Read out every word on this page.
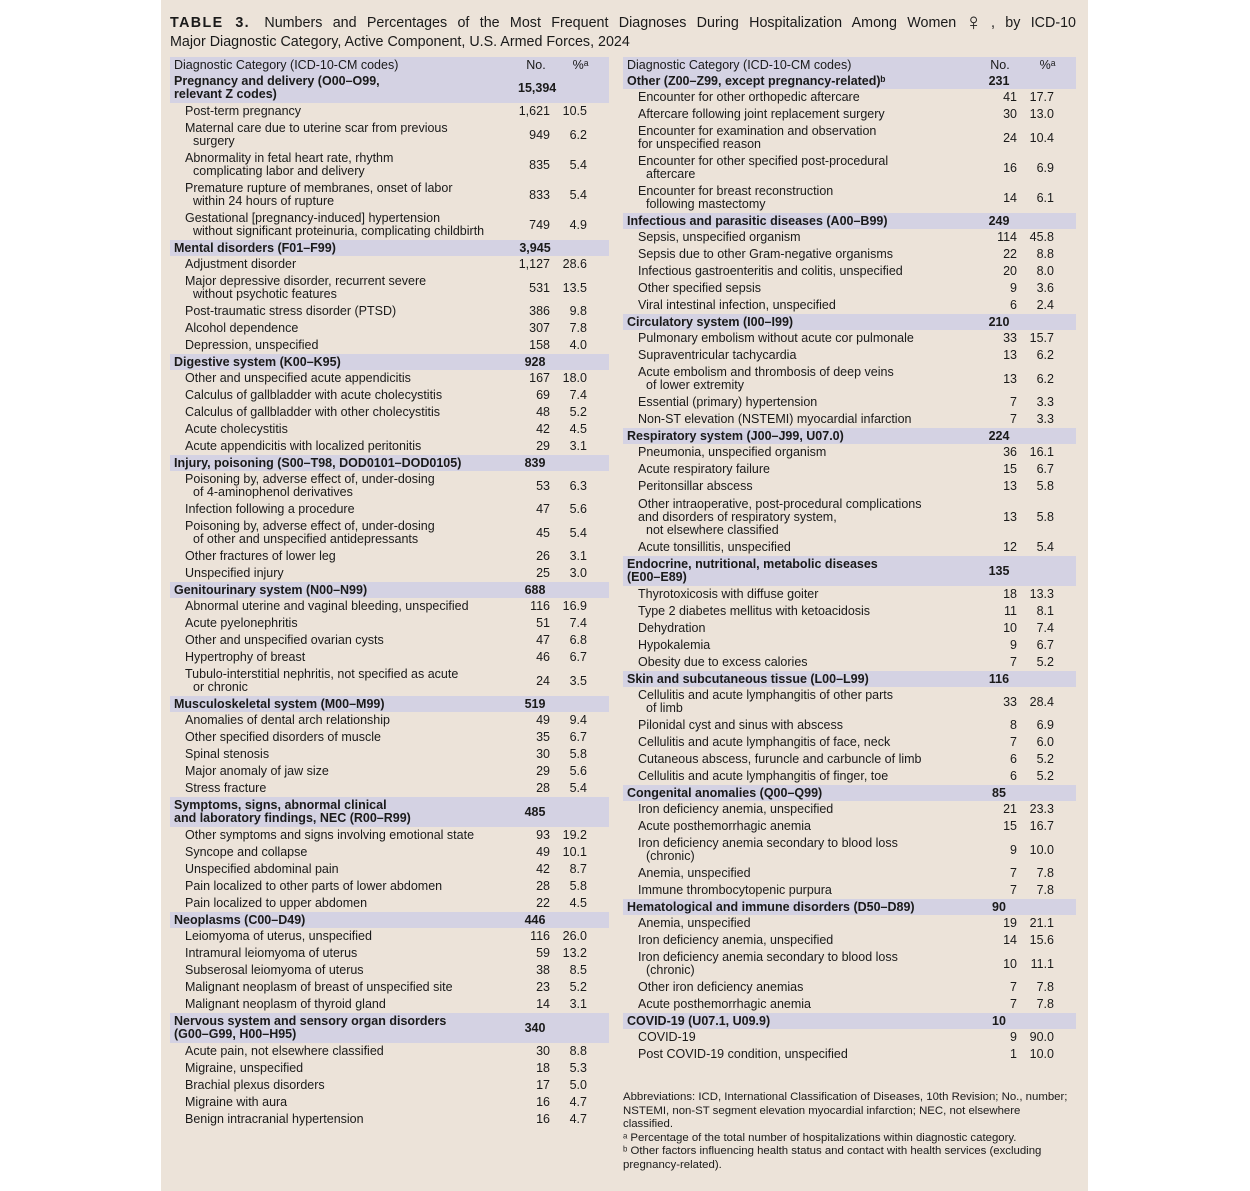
TABLE 3. Numbers and Percentages of the Most Frequent Diagnoses During Hospitalization Among Women♀ , by ICD-10
Major Diagnostic Category, Active Component, U.S. Armed Forces, 2024
Diagnostic Category (ICD-10-CM codes)	No.	%ᵃ
Pregnancy and delivery (O00–O99,
relevant Z codes)	15,394	
Post-term pregnancy	1,621	10.5
Maternal care due to uterine scar from previous
surgery	949	6.2
Abnormality in fetal heart rate, rhythm
complicating labor and delivery	835	5.4
Premature rupture of membranes, onset of labor
within 24 hours of rupture	833	5.4
Gestational [pregnancy-induced] hypertension
without significant proteinuria, complicating childbirth	749	4.9
Mental disorders (F01–F99)	3,945	
Adjustment disorder	1,127	28.6
Major depressive disorder, recurrent severe
without psychotic features	531	13.5
Post-traumatic stress disorder (PTSD)	386	9.8
Alcohol dependence	307	7.8
Depression, unspecified	158	4.0
Digestive system (K00–K95)	928	
Other and unspecified acute appendicitis	167	18.0
Calculus of gallbladder with acute cholecystitis	69	7.4
Calculus of gallbladder with other cholecystitis	48	5.2
Acute cholecystitis	42	4.5
Acute appendicitis with localized peritonitis	29	3.1
Injury, poisoning (S00–T98, DOD0101–DOD0105)	839	
Poisoning by, adverse effect of, under-dosing
of 4-aminophenol derivatives	53	6.3
Infection following a procedure	47	5.6
Poisoning by, adverse effect of, under-dosing
of other and unspecified antidepressants	45	5.4
Other fractures of lower leg	26	3.1
Unspecified injury	25	3.0
Genitourinary system (N00–N99)	688	
Abnormal uterine and vaginal bleeding, unspecified	116	16.9
Acute pyelonephritis	51	7.4
Other and unspecified ovarian cysts	47	6.8
Hypertrophy of breast	46	6.7
Tubulo-interstitial nephritis, not specified as acute
or chronic	24	3.5
Musculoskeletal system (M00–M99)	519	
Anomalies of dental arch relationship	49	9.4
Other specified disorders of muscle	35	6.7
Spinal stenosis	30	5.8
Major anomaly of jaw size	29	5.6
Stress fracture	28	5.4
Symptoms, signs, abnormal clinical
and laboratory findings, NEC (R00–R99)	485	
Other symptoms and signs involving emotional state	93	19.2
Syncope and collapse	49	10.1
Unspecified abdominal pain	42	8.7
Pain localized to other parts of lower abdomen	28	5.8
Pain localized to upper abdomen	22	4.5
Neoplasms (C00–D49)	446	
Leiomyoma of uterus, unspecified	116	26.0
Intramural leiomyoma of uterus	59	13.2
Subserosal leiomyoma of uterus	38	8.5
Malignant neoplasm of breast of unspecified site	23	5.2
Malignant neoplasm of thyroid gland	14	3.1
Nervous system and sensory organ disorders
(G00–G99, H00–H95)	340	
Acute pain, not elsewhere classified	30	8.8
Migraine, unspecified	18	5.3
Brachial plexus disorders	17	5.0
Migraine with aura	16	4.7
Benign intracranial hypertension	16	4.7
Diagnostic Category (ICD-10-CM codes)	No.	%ᵃ
Other (Z00–Z99, except pregnancy-related)ᵇ	231	
Encounter for other orthopedic aftercare	41	17.7
Aftercare following joint replacement surgery	30	13.0
Encounter for examination and observation
for unspecified reason	24	10.4
Encounter for other specified post-procedural
aftercare	16	6.9
Encounter for breast reconstruction
following mastectomy	14	6.1
Infectious and parasitic diseases (A00–B99)	249	
Sepsis, unspecified organism	114	45.8
Sepsis due to other Gram-negative organisms	22	8.8
Infectious gastroenteritis and colitis, unspecified	20	8.0
Other specified sepsis	9	3.6
Viral intestinal infection, unspecified	6	2.4
Circulatory system (I00–I99)	210	
Pulmonary embolism without acute cor pulmonale	33	15.7
Supraventricular tachycardia	13	6.2
Acute embolism and thrombosis of deep veins
of lower extremity	13	6.2
Essential (primary) hypertension	7	3.3
Non-ST elevation (NSTEMI) myocardial infarction	7	3.3
Respiratory system (J00–J99, U07.0)	224	
Pneumonia, unspecified organism	36	16.1
Acute respiratory failure	15	6.7
Peritonsillar abscess	13	5.8
Other intraoperative, post-procedural complications
and disorders of respiratory system,
not elsewhere classified	13	5.8
Acute tonsillitis, unspecified	12	5.4
Endocrine, nutritional, metabolic diseases
(E00–E89)	135	
Thyrotoxicosis with diffuse goiter	18	13.3
Type 2 diabetes mellitus with ketoacidosis	11	8.1
Dehydration	10	7.4
Hypokalemia	9	6.7
Obesity due to excess calories	7	5.2
Skin and subcutaneous tissue (L00–L99)	116	
Cellulitis and acute lymphangitis of other parts
of limb	33	28.4
Pilonidal cyst and sinus with abscess	8	6.9
Cellulitis and acute lymphangitis of face, neck	7	6.0
Cutaneous abscess, furuncle and carbuncle of limb	6	5.2
Cellulitis and acute lymphangitis of finger, toe	6	5.2
Congenital anomalies (Q00–Q99)	85	
Iron deficiency anemia, unspecified	21	23.3
Acute posthemorrhagic anemia	15	16.7
Iron deficiency anemia secondary to blood loss
(chronic)	9	10.0
Anemia, unspecified	7	7.8
Immune thrombocytopenic purpura	7	7.8
Hematological and immune disorders (D50–D89)	90	
Anemia, unspecified	19	21.1
Iron deficiency anemia, unspecified	14	15.6
Iron deficiency anemia secondary to blood loss
(chronic)	10	11.1
Other iron deficiency anemias	7	7.8
Acute posthemorrhagic anemia	7	7.8
COVID-19 (U07.1, U09.9)	10	
COVID-19	9	90.0
Post COVID-19 condition, unspecified	1	10.0
Abbreviations: ICD, International Classification of Diseases, 10th Revision; No., number; NSTEMI, non-ST segment elevation myocardial infarction; NEC, not elsewhere classified.
ᵃ Percentage of the total number of hospitalizations within diagnostic category.
ᵇ Other factors influencing health status and contact with health services (excluding pregnancy-related).
